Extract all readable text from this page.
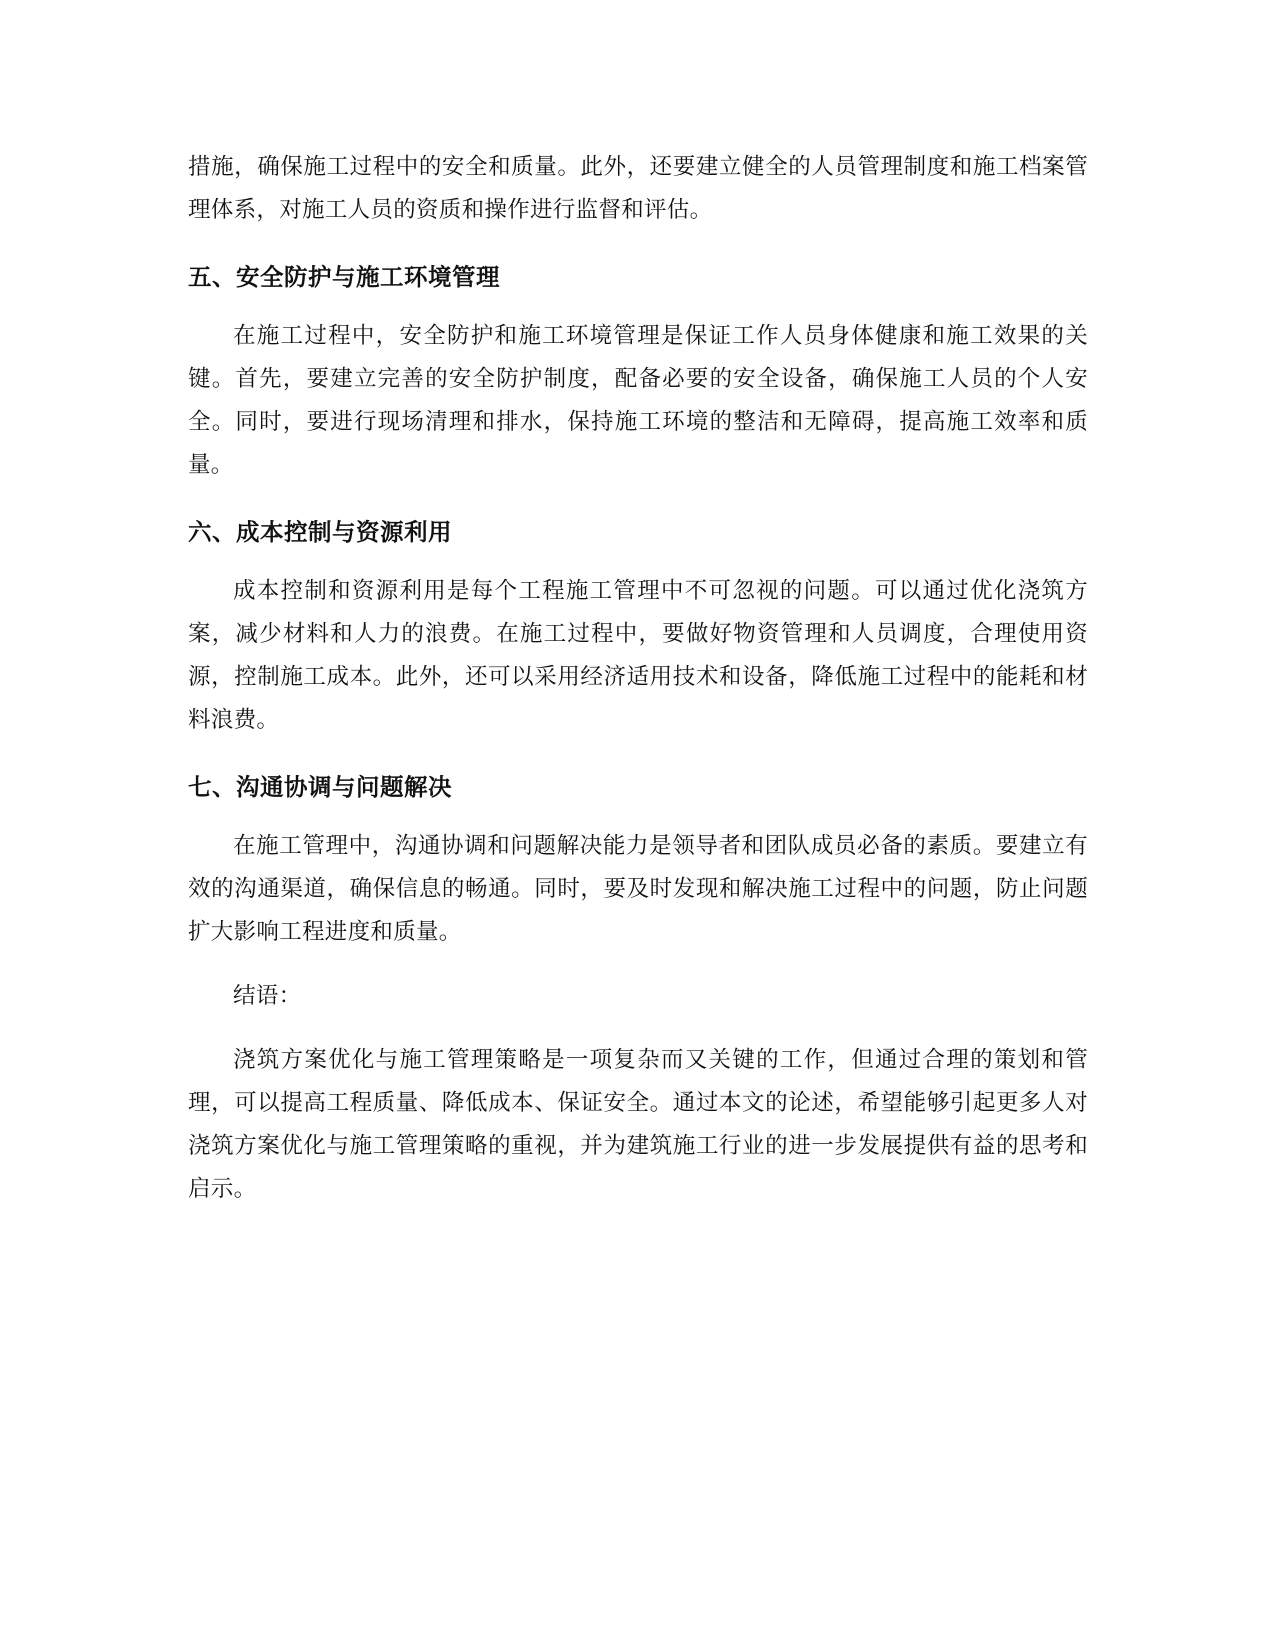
措施，确保施工过程中的安全和质量。此外，还要建立健全的人员管理制度和施工档案管理体系，对施工人员的资质和操作进行监督和评估。

五、安全防护与施工环境管理

在施工过程中，安全防护和施工环境管理是保证工作人员身体健康和施工效果的关键。首先，要建立完善的安全防护制度，配备必要的安全设备，确保施工人员的个人安全。同时，要进行现场清理和排水，保持施工环境的整洁和无障碍，提高施工效率和质量。

六、成本控制与资源利用

成本控制和资源利用是每个工程施工管理中不可忽视的问题。可以通过优化浇筑方案，减少材料和人力的浪费。在施工过程中，要做好物资管理和人员调度，合理使用资源，控制施工成本。此外，还可以采用经济适用技术和设备，降低施工过程中的能耗和材料浪费。

七、沟通协调与问题解决

在施工管理中，沟通协调和问题解决能力是领导者和团队成员必备的素质。要建立有效的沟通渠道，确保信息的畅通。同时，要及时发现和解决施工过程中的问题，防止问题扩大影响工程进度和质量。

结语：

浇筑方案优化与施工管理策略是一项复杂而又关键的工作，但通过合理的策划和管理，可以提高工程质量、降低成本、保证安全。通过本文的论述，希望能够引起更多人对浇筑方案优化与施工管理策略的重视，并为建筑施工行业的进一步发展提供有益的思考和启示。
